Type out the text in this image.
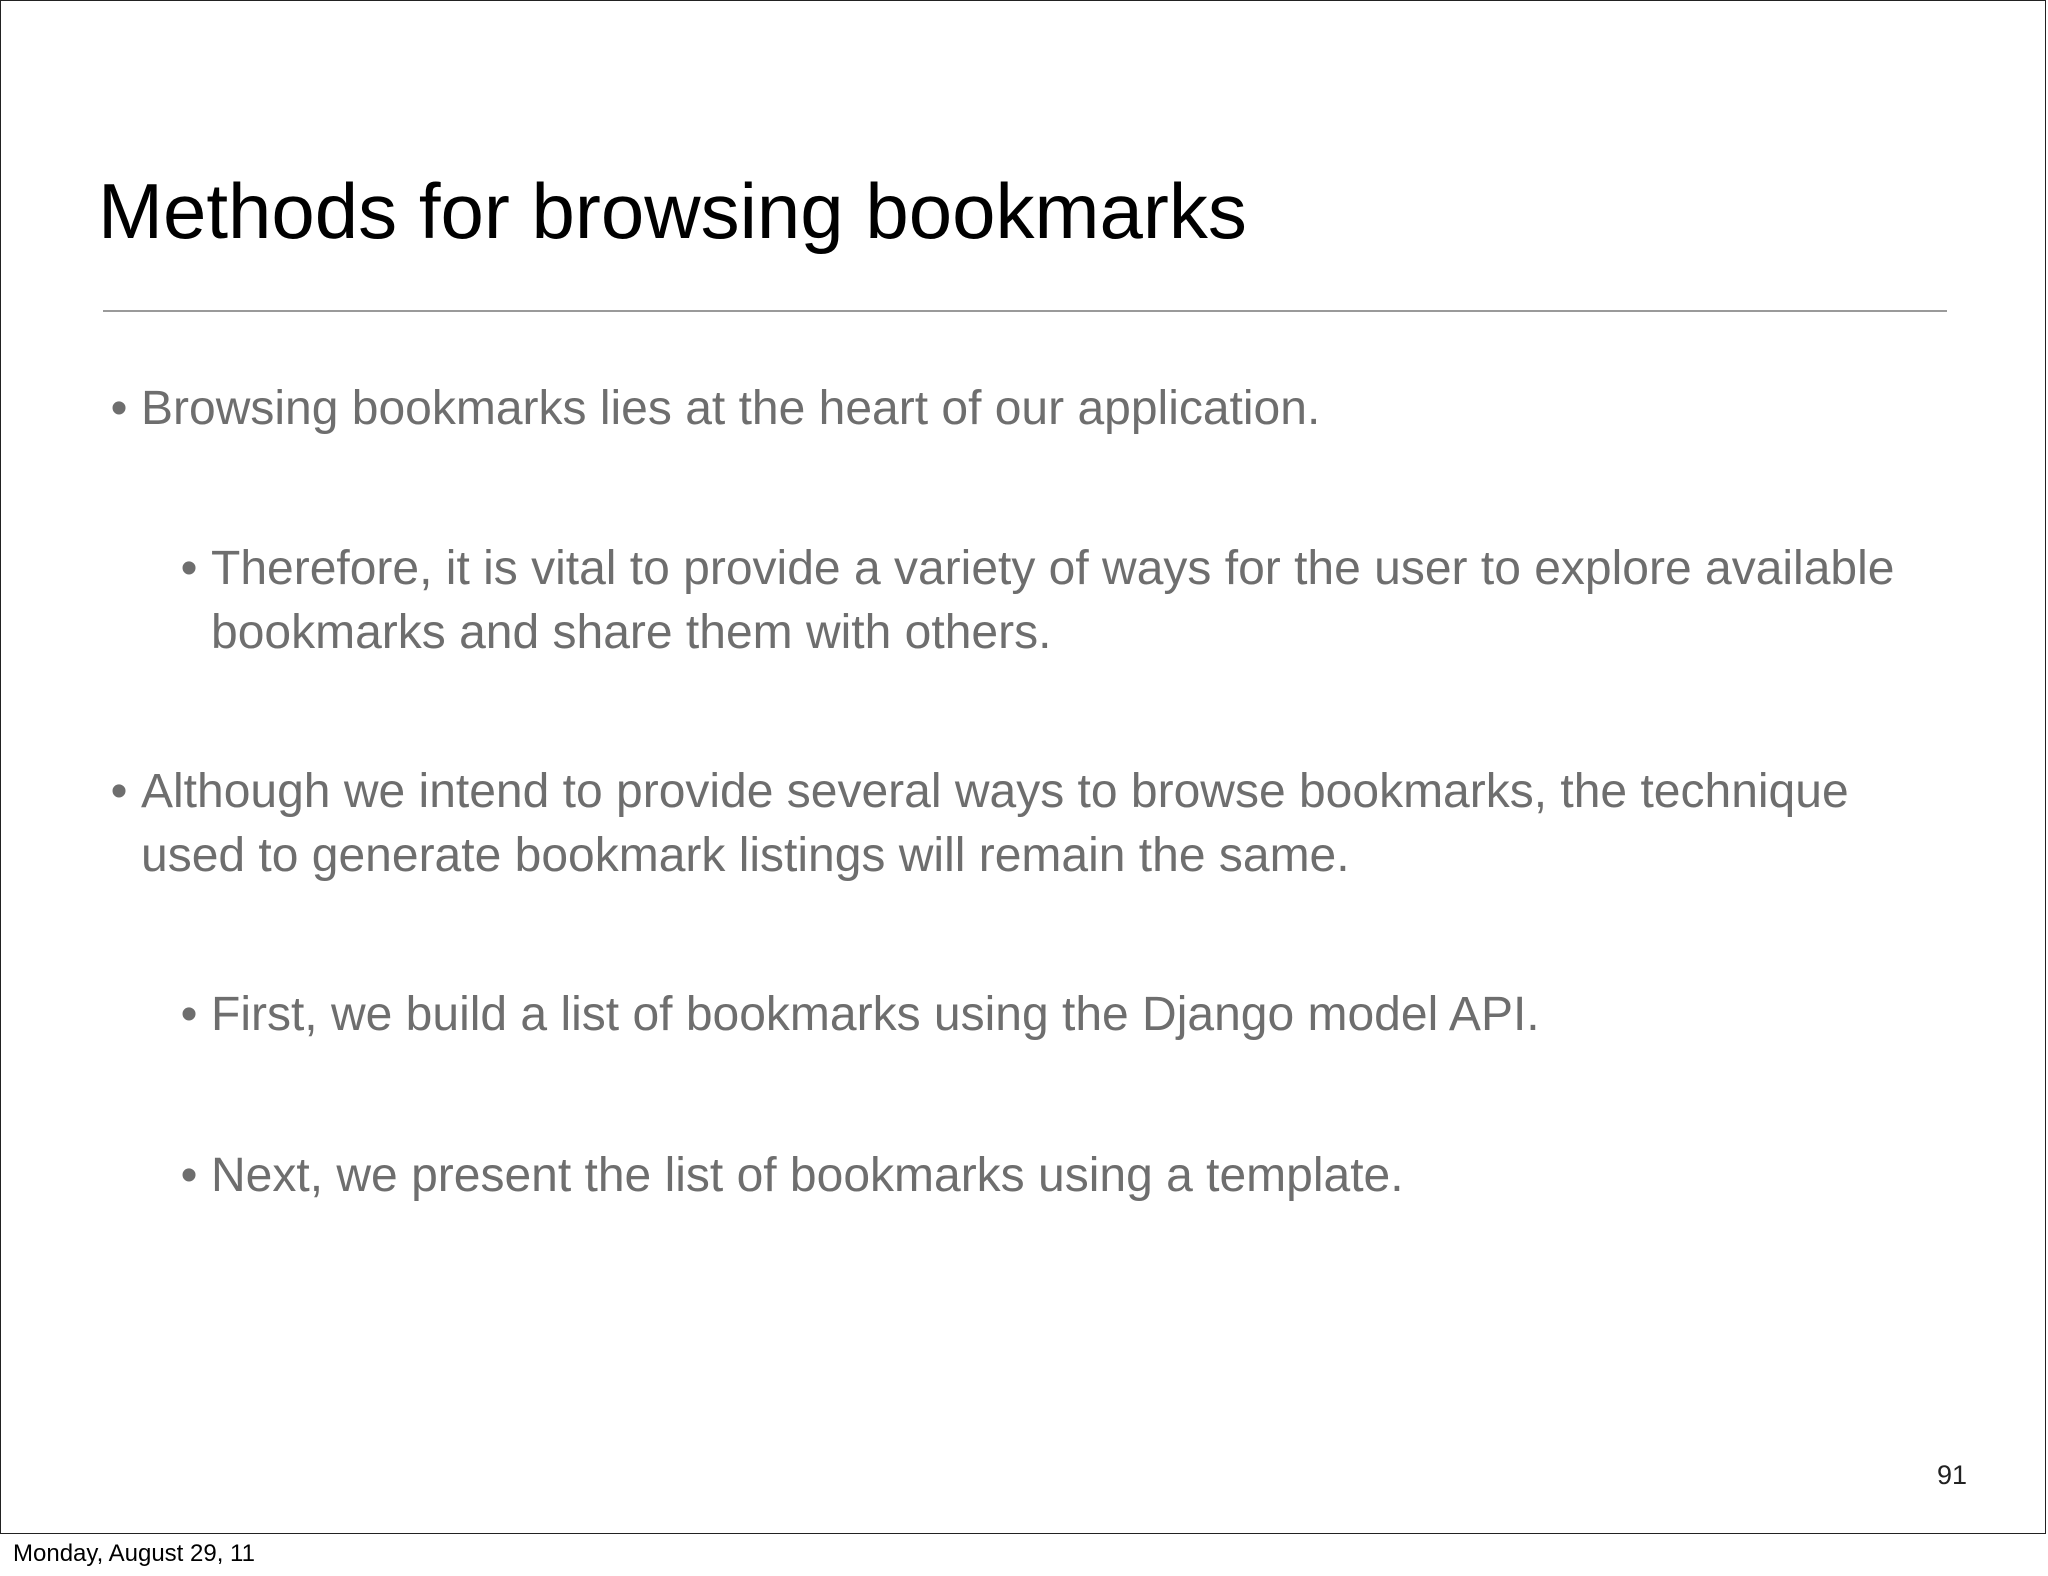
Methods for browsing bookmarks

• Browsing bookmarks lies at the heart of our application.

• Therefore, it is vital to provide a variety of ways for the user to explore available bookmarks and share them with others.

• Although we intend to provide several ways to browse bookmarks, the technique used to generate bookmark listings will remain the same.

• First, we build a list of bookmarks using the Django model API.

• Next, we present the list of bookmarks using a template.

91
Monday, August 29, 11
